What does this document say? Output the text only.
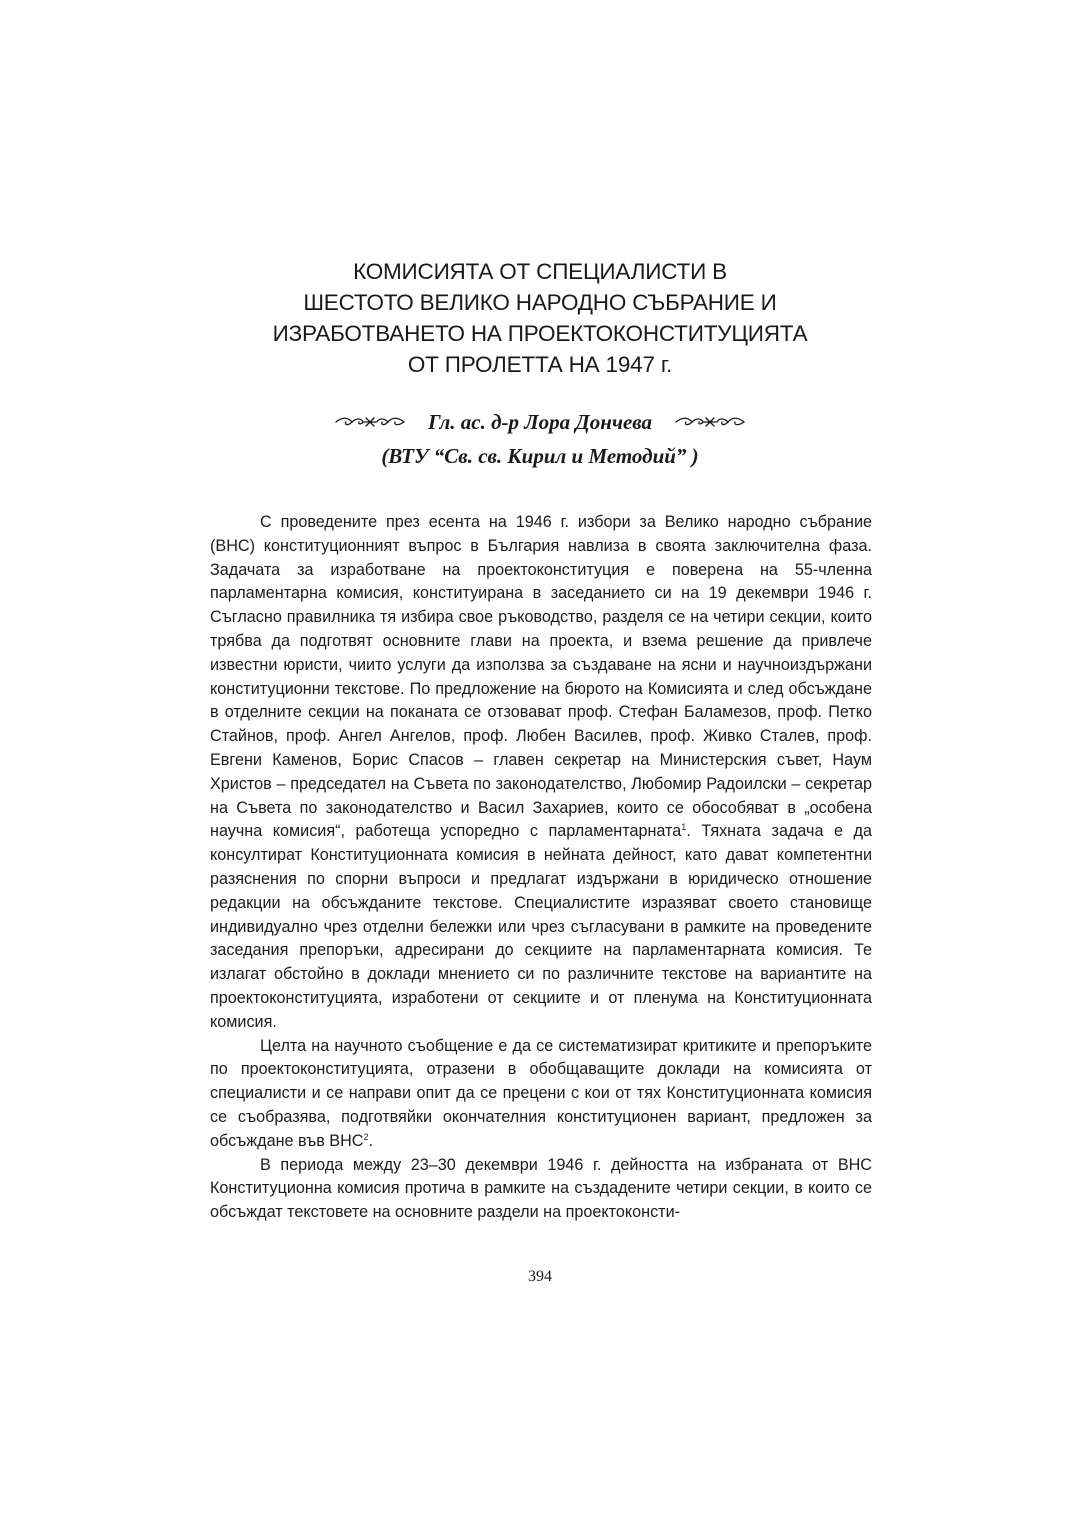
КОМИСИЯТА ОТ СПЕЦИАЛИСТИ В
ШЕСТОТО ВЕЛИКО НАРОДНО СЪБРАНИЕ И
ИЗРАБОТВАНЕТО НА ПРОЕКТОКОНСТИТУЦИЯТА
ОТ ПРОЛЕТТА НА 1947 г.
Гл. ас. д-р Лора Дончева
(ВТУ “Св. св. Кирил и Методий” )

С проведените през есента на 1946 г. избори за Велико народно събрание (ВНС) конституционният въпрос в България навлиза в своята заключителна фаза. Задачата за изработване на проектоконституция е поверена на 55-членна парламентарна комисия, конституирана в заседанието си на 19 декември 1946 г. Съгласно правилника тя избира свое ръководство, разделя се на четири секции, които трябва да подготвят основните глави на проекта, и взема решение да привлече известни юристи, чиито услуги да използва за създаване на ясни и научноиздържани конституционни текстове. По предложение на бюрото на Комисията и след обсъждане в отделните секции на поканата се отзовават проф. Стефан Баламезов, проф. Петко Стайнов, проф. Ангел Ангелов, проф. Любен Василев, проф. Живко Сталев, проф. Евгени Каменов, Борис Спасов – главен секретар на Министерския съвет, Наум Христов – председател на Съвета по законодателство, Любомир Радоилски – секретар на Съвета по законодателство и Васил Захариев, които се обособяват в „особена научна комисия“, работеща успоредно с парламентарната$^1$. Тяхната задача е да консултират Конституционната комисия в нейната дейност, като дават компетентни разяснения по спорни въпроси и предлагат издържани в юридическо отношение редакции на обсъжданите текстове. Специалистите изразяват своето становище индивидуално чрез отделни бележки или чрез съгласувани в рамките на проведените заседания препоръки, адресирани до секциите на парламентарната комисия. Те излагат обстойно в доклади мнението си по различните текстове на вариантите на проектоконституцията, изработени от секциите и от пленума на Конституционната комисия.

Целта на научното съобщение е да се систематизират критиките и препоръките по проектоконституцията, отразени в обобщаващите доклади на комисията от специалисти и се направи опит да се прецени с кои от тях Конституционната комисия се съобразява, подготвяйки окончателния конституционен вариант, предложен за обсъждане във ВНС$^2$.

В периода между 23–30 декември 1946 г. дейността на избраната от ВНС Конституционна комисия протича в рамките на създадените четири секции, в които се обсъждат текстовете на основните раздели на проектоконсти-

394
